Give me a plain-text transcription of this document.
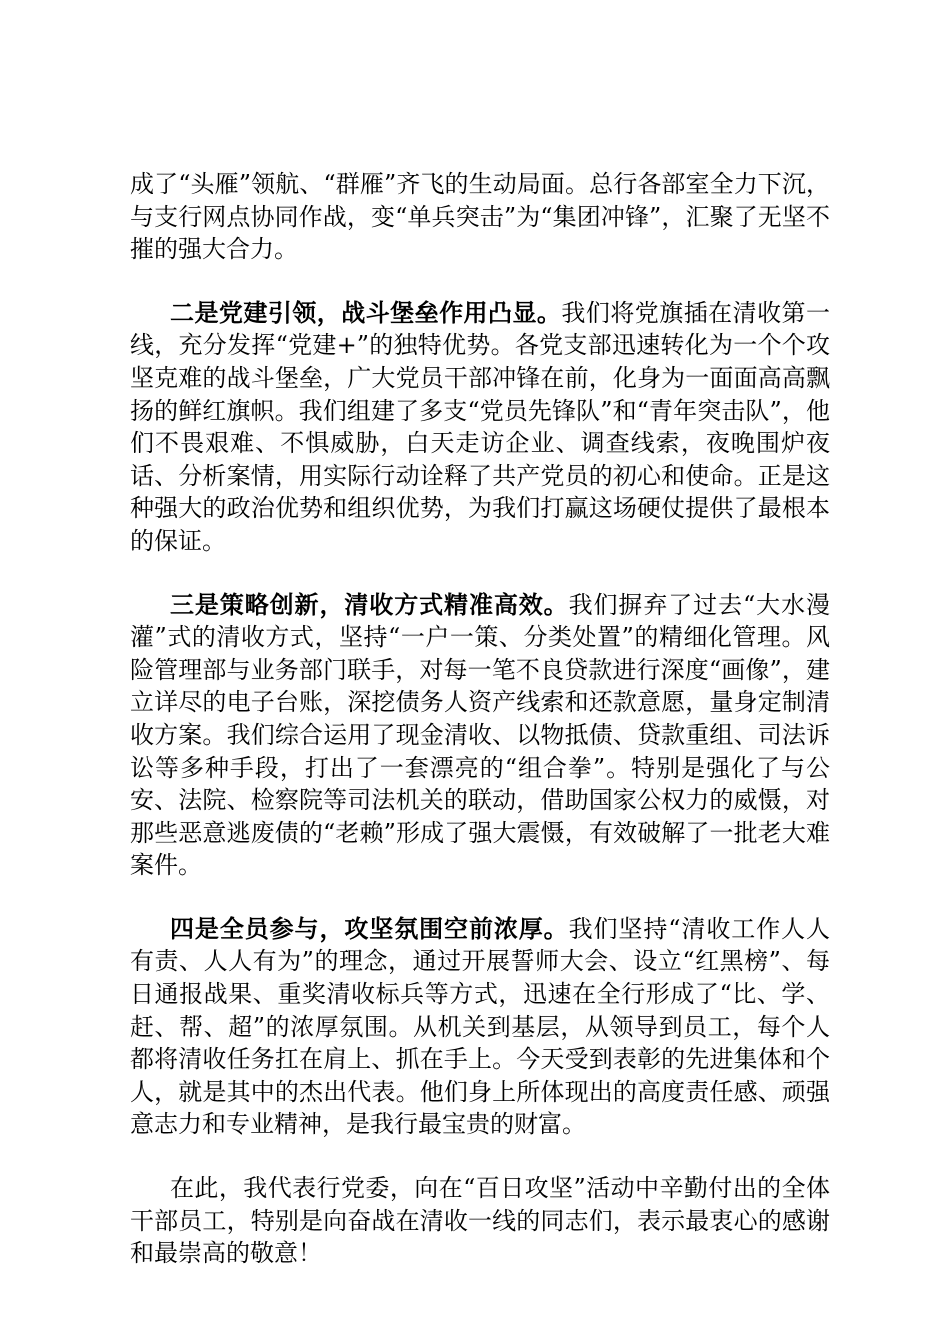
成了“头雁”领航、“群雁”齐飞的生动局面。总行各部室全力下沉，与支行网点协同作战，变“单兵突击”为“集团冲锋”，汇聚了无坚不摧的强大合力。

二是党建引领，战斗堡垒作用凸显。我们将党旗插在清收第一线，充分发挥“党建+”的独特优势。各党支部迅速转化为一个个攻坚克难的战斗堡垒，广大党员干部冲锋在前，化身为一面面高高飘扬的鲜红旗帜。我们组建了多支“党员先锋队”和“青年突击队”，他们不畏艰难、不惧威胁，白天走访企业、调查线索，夜晚围炉夜话、分析案情，用实际行动诠释了共产党员的初心和使命。正是这种强大的政治优势和组织优势，为我们打赢这场硬仗提供了最根本的保证。

三是策略创新，清收方式精准高效。我们摒弃了过去“大水漫灌”式的清收方式，坚持“一户一策、分类处置”的精细化管理。风险管理部与业务部门联手，对每一笔不良贷款进行深度“画像”，建立详尽的电子台账，深挖债务人资产线索和还款意愿，量身定制清收方案。我们综合运用了现金清收、以物抵债、贷款重组、司法诉讼等多种手段，打出了一套漂亮的“组合拳”。特别是强化了与公安、法院、检察院等司法机关的联动，借助国家公权力的威慑，对那些恶意逃废债的“老赖”形成了强大震慑，有效破解了一批老大难案件。

四是全员参与，攻坚氛围空前浓厚。我们坚持“清收工作人人有责、人人有为”的理念，通过开展誓师大会、设立“红黑榜”、每日通报战果、重奖清收标兵等方式，迅速在全行形成了“比、学、赶、帮、超”的浓厚氛围。从机关到基层，从领导到员工，每个人都将清收任务扛在肩上、抓在手上。今天受到表彰的先进集体和个人，就是其中的杰出代表。他们身上所体现出的高度责任感、顽强意志力和专业精神，是我行最宝贵的财富。

在此，我代表行党委，向在“百日攻坚”活动中辛勤付出的全体干部员工，特别是向奋战在清收一线的同志们，表示最衷心的感谢和最崇高的敬意！
